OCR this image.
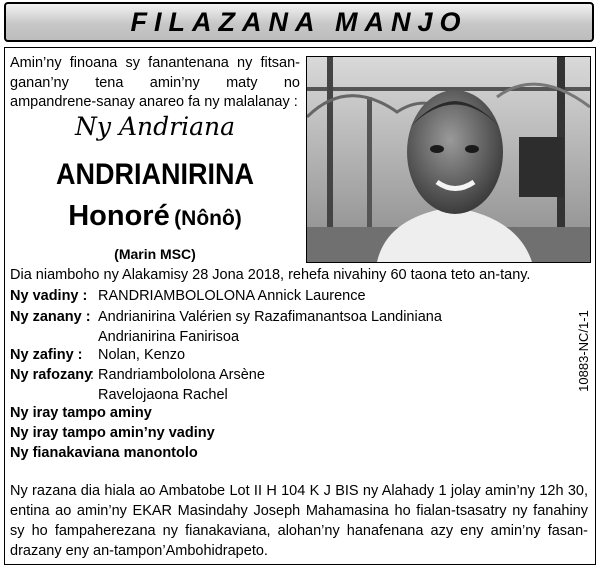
FILAZANA MANJO
Amin’ny finoana sy fanantenana ny fitsan-ganan’ny tena amin’ny maty no ampandrene-sanay anareo fa ny malalanay :
Ny Andriana
ANDRIANIRINA
Honoré (Nônô)
(Marin MSC)
Dia niamboho ny Alakamisy 28 Jona 2018, rehefa nivahiny 60 taona teto an-tany.
Ny vadiny : RANDRIAMBOLOLONA Annick Laurence
Ny zanany : Andrianirina Valérien sy Razafimanantsoa Landiniana
Andrianirina Fanirisoa
Ny zafiny : Nolan, Kenzo
Ny rafozany
: Randriambololona Arsène
Ravelojaona Rachel
Ny iray tampo aminy
Ny iray tampo amin’ny vadiny
Ny fianakaviana manontolo
Ny razana dia hiala ao Ambatobe Lot II H 104 K J BIS ny Alahady 1 jolay amin’ny 12h 30, entina ao amin’ny EKAR Masindahy Joseph Mahamasina ho fialan-tsasatry ny fanahiny sy ho fampaherezana ny fianakaviana, alohan’ny hanafenana azy eny amin’ny fasan-drazany eny an-tampon’Ambohidrapeto.
10883-NC/1-1
